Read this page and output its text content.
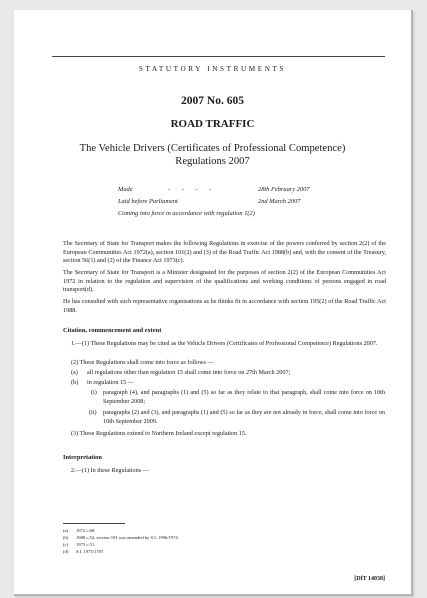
STATUTORY INSTRUMENTS
2007 No. 605
ROAD TRAFFIC
The Vehicle Drivers (Certificates of Professional Competence) Regulations 2007
Made	- - - -	28th February 2007
Laid before Parliament	2nd March 2007
Coming into force in accordance with regulation 1(2)
The Secretary of State for Transport makes the following Regulations in exercise of the powers conferred by section 2(2) of the European Communities Act 1972(a), section 101(2) and (3) of the Road Traffic Act 1988(b) and, with the consent of the Treasury, section 56(1) and (2) of the Finance Act 1973(c).
The Secretary of State for Transport is a Minister designated for the purposes of section 2(2) of the European Communities Act 1972 in relation to the regulation and supervision of the qualifications and working conditions of persons engaged in road transport(d).
He has consulted with such representative organisations as he thinks fit in accordance with section 195(2) of the Road Traffic Act 1988.
Citation, commencement and extent
1.—(1) These Regulations may be cited as the Vehicle Drivers (Certificates of Professional Competence) Regulations 2007.
(2) These Regulations shall come into force as follows —
(a) all regulations other than regulation 15 shall come into force on 27th March 2007;
(b) in regulation 15 —
(i) paragraph (4), and paragraphs (1) and (5) so far as they relate to that paragraph, shall come into force on 10th September 2008;
(ii) paragraphs (2) and (3), and paragraphs (1) and (5) so far as they are not already in force, shall come into force on 10th September 2009.
(3) These Regulations extend to Northern Ireland except regulation 15.
Interpretation
2.—(1) In these Regulations —
(a) 1972 c.68.
(b) 1988 c.52; section 101 was amended by S.I. 1996/1974.
(c) 1973 c.51.
(d) S.I. 1975/1707.
[DfT 14038]
